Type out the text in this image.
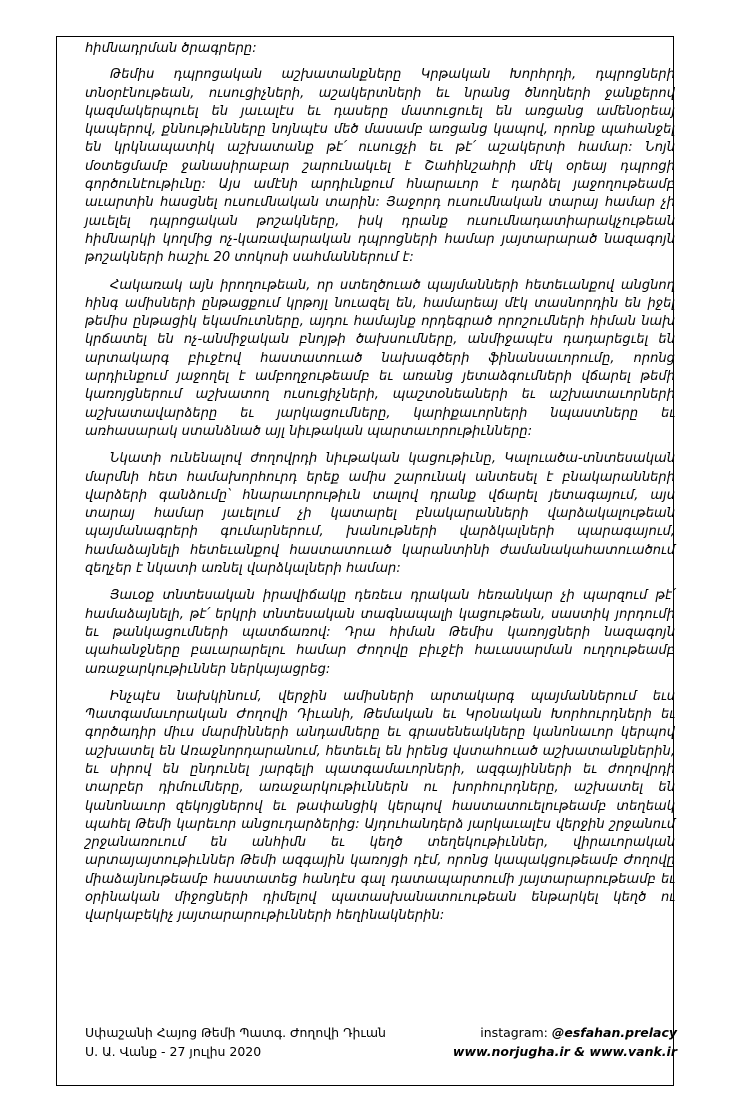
հիմնադրման ծրագրերը:

Թեմիս դպրոցական աշխատանքները Կրթական Խորհրդի, դպրոցների տնօրէնութեան, ուսուցիչների, աշակերտների եւ նրանց ծնողների ջանքերով կազմակերպուել են յաւալէս եւ դասերը մատուցուել են առցանց ամենօրեայ կապերով, քննութիւնները նոյնպէս մեծ մասամբ առցանց կապով, որոնք պահանջել են կրկնապատիկ աշխատանք թէ՛ ուսուցչի եւ թէ՛ աշակերտի համար: Նոյն մօտեցմամբ ջանասիրաբար շարունակւել է Շահինշահրի մէկ օրեայ դպրոցի գործունէութիւնը: Այս ամէնի արդիւնքում հնարաւոր է դարձել յաջողութեամբ աւարտին հասցնել ուսումնական տարին: Յաջորդ ուսումնական տարայ համար չի յաւելել դպրոցական թոշակները, իսկ դրանք ուսումնադատիարակչութեան հիմնարկի կողմից ոչ-կառավարական դպրոցների համար յայտարարած նազագոյն թոշակների հաշիւ 20 տոկոսի սահմաններում է:

Հակառակ այն իրողութեան, որ ստեղծուած պայմանների հետեւանքով անցնող հինգ ամիսների ընթացքում կրթոյլ նուազել են, համարեայ մէկ տասնորդին են իջել թեմիս ընթացիկ եկամուտները, այդու համայնք որդեգրած որոշումների հիման նախ կրճատել են ոչ-անմիջական բնոյթի ծախսումները, անմիջապէս դադարեցւել են արտակարգ բիւջէով հաստատուած նախագծերի ֆինանսաւորումը, որոնց արդիւնքում յաջողել է ամբողջութեամբ եւ առանց յետաձգումների վճարել թեմի կառոյցներում աշխատող ուսուցիչների, պաշտօնեաների եւ աշխատաւորների աշխատավարձերը եւ յարկացումները, կարիքաւորների նպաստները եւ առհասարակ ստանձնած այլ նիւթական պարտաւորութիւնները:

Նկատի ունենալով ժողովրդի նիւթական կացութիւնը, Կալուածա-տնտեսական մարմնի հետ համախորհուրդ երեք ամիս շարունակ անտեսել է բնակարանների վարձերի գանձումը՝ հնարաւորութիւն տալով դրանք վճարել յետագայում, այս տարայ համար յաւելում չի կատարել բնակարանների վարձակալութեան պայմանագրերի գումարներում, խանութների վարձկալների պարագայում, համաձայնելի հետեւանքով հաստատուած կարանտինի ժամանակահատուածում զեղչեր է նկատի առնել վարձկալների համար:

Յաւօք տնտեսական իրավիճակը դեռեւս դրական հեռանկար չի պարզում թէ՛ համաձայնելի, թէ՛ երկրի տնտեսական տագնապալի կացութեան, սաստիկ յորդումի եւ թանկացումների պատճառով: Դրա հիման Թեմիս կառոյցների նազագոյն պահանջները բաւարարելու համար Ժողովը բիւջէի հաւասարման ուղղութեամբ առաջարկութիւններ ներկայացրեց:

Ինչպէս նախկինում, վերջին ամիսների արտակարգ պայմաններում եւս Պատգամաւորական Ժողովի Դիւանի, Թեմական եւ Կրօնական Խորհուրդների եւ գործադիր միւս մարմինների անդամները եւ գրասենեակները կանոնաւոր կերպով աշխատել են Առաջնորդարանում, հետեւել են իրենց վստահուած աշխատանքներին, եւ սիրով են ընդունել յարգելի պատգամաւորների, ազգայինների եւ ժողովրդի տարբեր դիմումները, առաջարկութիւններն ու խորհուրդները, աշխատել են կանոնաւոր զեկոյցներով եւ թափանցիկ կերպով հաստատուելութեամբ տեղեակ պահել Թեմի կարեւոր անցուդարձերից: Այդուհանդերձ յարկաւալէս վերջին շրջանում շրջանառուում են անհիմն եւ կեղծ տեղեկութիւններ, վիրաւորական արտայայտութիւններ Թեմի ազգային կառոյցի դէմ, որոնց կապակցութեամբ Ժողովը միաձայնութեամբ հաստատեց հանդէս գալ դատապարտումի յայտարարութեամբ եւ օրինական միջոցների դիմելով պատասխանատուութեան ենթարկել կեղծ ու վարկաբեկիչ յայտարարութիւնների հեղինակներին:

Սփաշանի Հայոց Թեմի Պատգ. Ժողովի Դիւան
Ս. Ա. Վանք - 27 յուլիս 2020
instagram: @esfahan.prelacy
www.norjugha.ir & www.vank.ir
